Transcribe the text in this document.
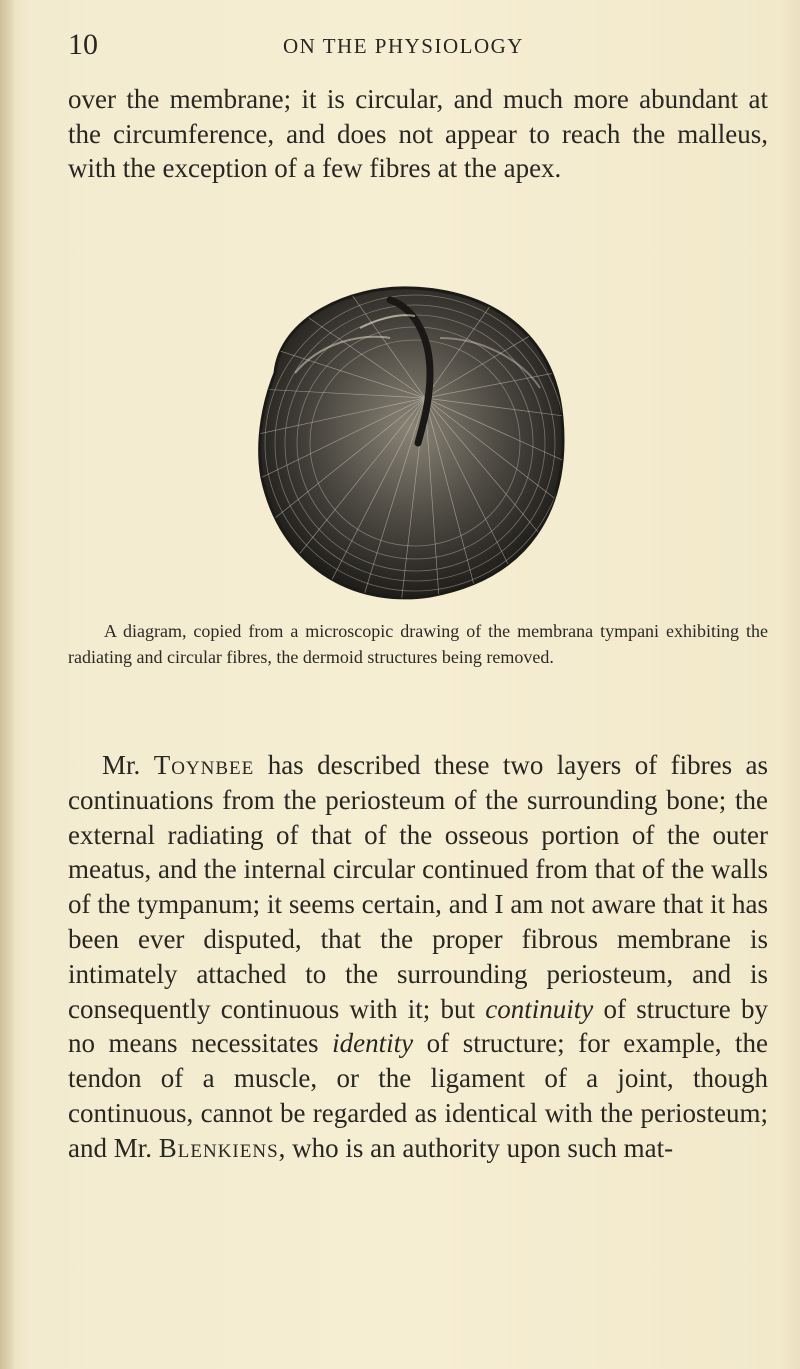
10	ON THE PHYSIOLOGY

over the membrane; it is circular, and much more abundant at the circumference, and does not appear to reach the malleus, with the exception of a few fibres at the apex.

A diagram, copied from a microscopic drawing of the membrana tympani exhibiting the radiating and circular fibres, the dermoid structures being removed.

Mr. Toynbee has described these two layers of fibres as continuations from the periosteum of the surrounding bone; the external radiating of that of the osseous portion of the outer meatus, and the internal circular continued from that of the walls of the tympanum; it seems certain, and I am not aware that it has been ever disputed, that the proper fibrous membrane is intimately attached to the surrounding periosteum, and is consequently continuous with it; but continuity of structure by no means necessitates identity of structure; for example, the tendon of a muscle, or the ligament of a joint, though continuous, cannot be regarded as identical with the periosteum; and Mr. Blenkiens, who is an authority upon such mat-
